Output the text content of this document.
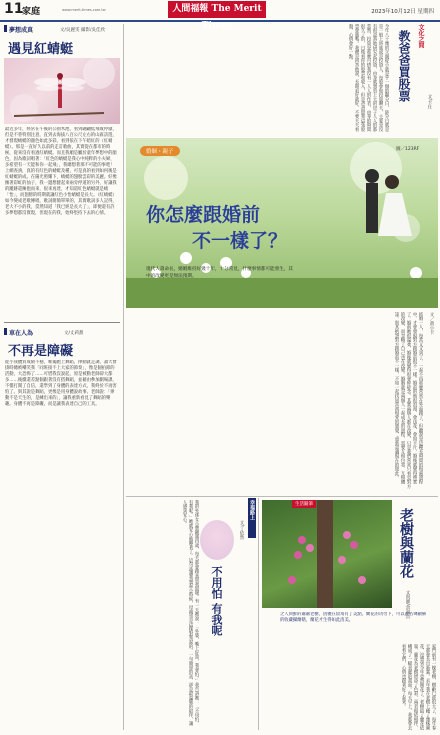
11
家庭	www.merit-times.com.tw	人間福報 The Merit Times
2023年10月12日 星期四
夢想成真	文/吳麗雯 攝影/吳佳欣
遇見紅蜻蜓
最近多年，經常在午後的公園木池，看到翩翩低飛或停歇、但是不曾特別注意，直到去海拔八百公尺左右的山區訪遊，才發現蜻蜓的顏色如此多彩。看到依在下午暗紅的（紅蜻蜓）。那是一直好久以前的走訂歌曲，其實從在都市的時候，從來沒有看過紅蜻蜓。而且我順是屬於童年夢想中的顏色，因為歌詞唱著：「紅色的蜻蜓是我心中純粹的小夫婦，多希望有一天能和你一起飛」，我總想著那不可能的事吧！上網查詢，真的有紅色的蜻蜓及種，可是真的看到如何後是紅蜻蜓的成。在陽光照耀下，蜻蜓的翅膀雲彩的美麗。好像擁著彩虹的仙子，我一邊想健起來兩旁停道的另外，好讓我的蹤跡還擁抱而來，很來再達，才知道紅色蜻蜓就是蜻「怡」，而翅膀的時期就讓紅色小怡蜻蜓是長大。（紅蜻蜓）如今變成老歌傳唱，歌詞簡簡單單的，其實歌詞多人記得，老大不小的我，當然知道「我已經是長大了」，即便還有許多夢想都沒實現，但現在的我，始終堅持下去的心情。
車在人為	文/丈莉甜
不再是障礙
從小我體質成績不穩，唯獨跑上舞蹈，律動就走調，讀大會掛時總被嘲笑我「同班接不上大家的節奏」，像是個拍節的活動，大恐怖了……可惜我沒說起，原是被動老師卻大都多……後續還差點個跟著沒有搭舞蹈，並藉由參加劇場課，不僅打開了自信，還學到了身體的表達方式，我終於不再害怕了。與其說是舞蹈，更像是用身體說故事。老師說：「律動不是天生的，是練出來的」，讓我重新看見了舞蹈的樂趣。身體不再是障礙，而是讓我表達自己的工具。
今年八十幾的父親從小就是乎一個的翻分日，鉅分日就是是一般上班族或是投資人，每股會和投資聊天，主要是沒有很認真地研究起投資，由身就想買上大的房子人人的都當然，投資是那麼可惜我沒有一人人的作者，由身的時間很久了的，日後看你的股票和收入，但是爸爸問我這張股票會漲嗎。我總是回答他說，長期看好就好，不要天天看盤，心情會好一點。	文化之間
教爸爸買股票	文/卡仕
婚姻・親子	圖／123RF
你怎麼跟婚前
不一樣了？
現代人壽命長，婚姻維持好幾十年，十分常見，什麼事情都可能發生，其中的改變更是無法預期。
結婚一人，每當又又到了，一起不再那麼常常在外面跑了，但聽說是這種長時間的相處過程中，才會發現對方跟婚前很不一樣。婚前的他很浪漫，會送花、會寫卡片，婚後就變得務實了。婚前她很溫柔，婚後就變得很會碎碎念。其實兩個人都在改變，只是我們常常只看見對方的改變，而忽略了自己也在改變。婚姻就是兩個人一起成長的過程，需要互相包容、互相體諒。與其抱怨對方跟婚前不一樣，不如一起找回當初相愛的感覺，重新認識現在的彼此。	文／黃小卡
我的外孫女小寶剛滿四歲，每天都會跑來問我問題。有一天她說：「外婆，晚上好黑，我會怕。」我告訴她：「不用怕，有我呢。」她就安心地睡著了。這句話讓我想起小時候，母親也是這樣對我說的。一句簡單的話，卻是最溫暖的陪伴，讓人感到安心。
不用怕 有我呢
文/丁依然
幸福路上	生活隨筆
老樹與蘭花
文與圖/余淑貞
之人與鮮的爺爺老樹，因優在陰角有了美點，蘭花的功勞下，可以說名聲顯赫的收藏攝蘭轄，蘭花才生得如此清美。
家門前有一棵老樹，樹齡已經很大了，每年春天都會長出新葉。去年我在老樹上種了幾株蘭花，沒想到今年竟然開花了。老樹給了蘭花依靠，蘭花為老樹增添了色彩，兩者相依相伴，構成了一幅美麗的畫面。每天早上，我都會去看看它們，心情也跟著好了起來。
